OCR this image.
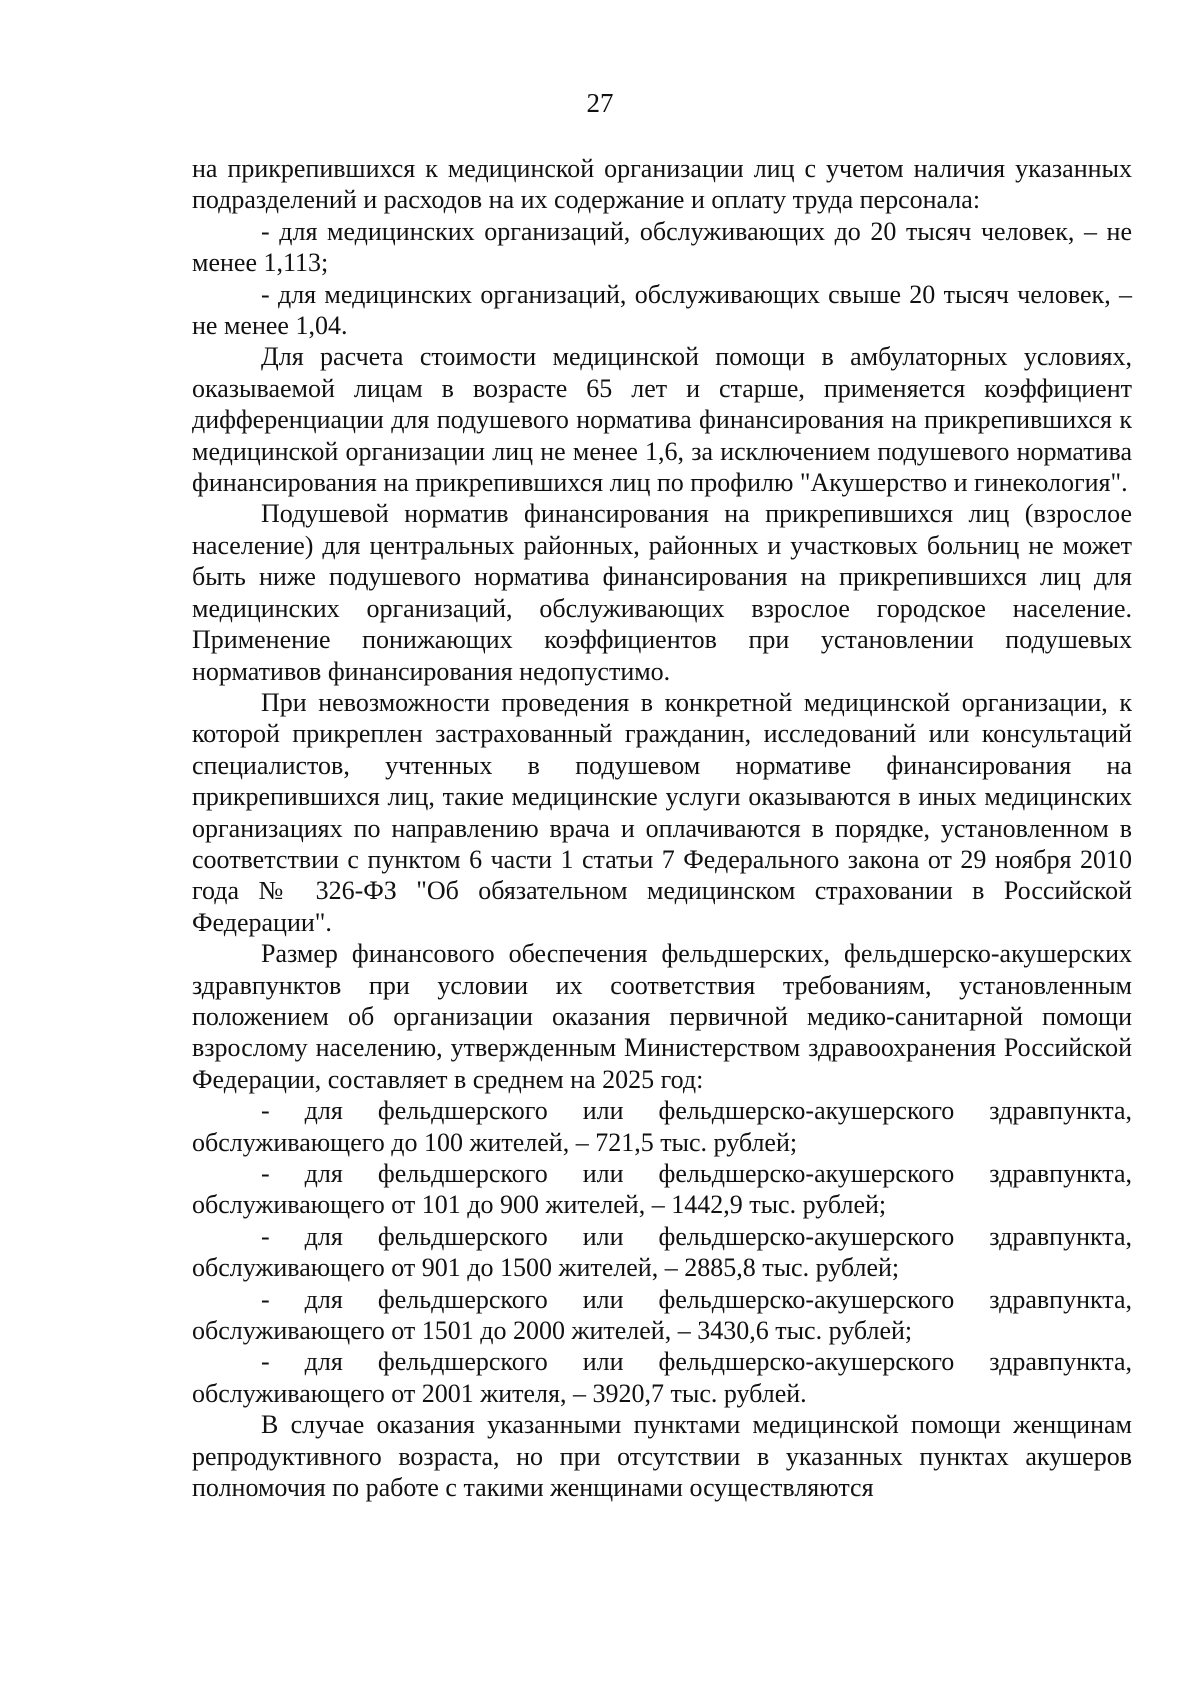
27

на прикрепившихся к медицинской организации лиц с учетом наличия указанных подразделений и расходов на их содержание и оплату труда персонала:

- для медицинских организаций, обслуживающих до 20 тысяч человек, – не менее 1,113;

- для медицинских организаций, обслуживающих свыше 20 тысяч человек, – не менее 1,04.

Для расчета стоимости медицинской помощи в амбулаторных условиях, оказываемой лицам в возрасте 65 лет и старше, применяется коэффициент дифференциации для подушевого норматива финансирования на прикрепившихся к медицинской организации лиц не менее 1,6, за исключением подушевого норматива финансирования на прикрепившихся лиц по профилю "Акушерство и гинекология".

Подушевой норматив финансирования на прикрепившихся лиц (взрослое население) для центральных районных, районных и участковых больниц не может быть ниже подушевого норматива финансирования на прикрепившихся лиц для медицинских организаций, обслуживающих взрослое городское население. Применение понижающих коэффициентов при установлении подушевых нормативов финансирования недопустимо.

При невозможности проведения в конкретной медицинской организации, к которой прикреплен застрахованный гражданин, исследований или консультаций специалистов, учтенных в подушевом нормативе финансирования на прикрепившихся лиц, такие медицинские услуги оказываются в иных медицинских организациях по направлению врача и оплачиваются в порядке, установленном в соответствии с пунктом 6 части 1 статьи 7 Федерального закона от 29 ноября 2010 года № 326-ФЗ "Об обязательном медицинском страховании в Российской Федерации".

Размер финансового обеспечения фельдшерских, фельдшерско-акушерских здравпунктов при условии их соответствия требованиям, установленным положением об организации оказания первичной медико-санитарной помощи взрослому населению, утвержденным Министерством здравоохранения Российской Федерации, составляет в среднем на 2025 год:

- для фельдшерского или фельдшерско-акушерского здравпункта, обслуживающего до 100 жителей, – 721,5 тыс. рублей;

- для фельдшерского или фельдшерско-акушерского здравпункта, обслуживающего от 101 до 900 жителей, – 1442,9 тыс. рублей;

- для фельдшерского или фельдшерско-акушерского здравпункта, обслуживающего от 901 до 1500 жителей, – 2885,8 тыс. рублей;

- для фельдшерского или фельдшерско-акушерского здравпункта, обслуживающего от 1501 до 2000 жителей, – 3430,6 тыс. рублей;

- для фельдшерского или фельдшерско-акушерского здравпункта, обслуживающего от 2001 жителя, – 3920,7 тыс. рублей.

В случае оказания указанными пунктами медицинской помощи женщинам репродуктивного возраста, но при отсутствии в указанных пунктах акушеров полномочия по работе с такими женщинами осуществляются
